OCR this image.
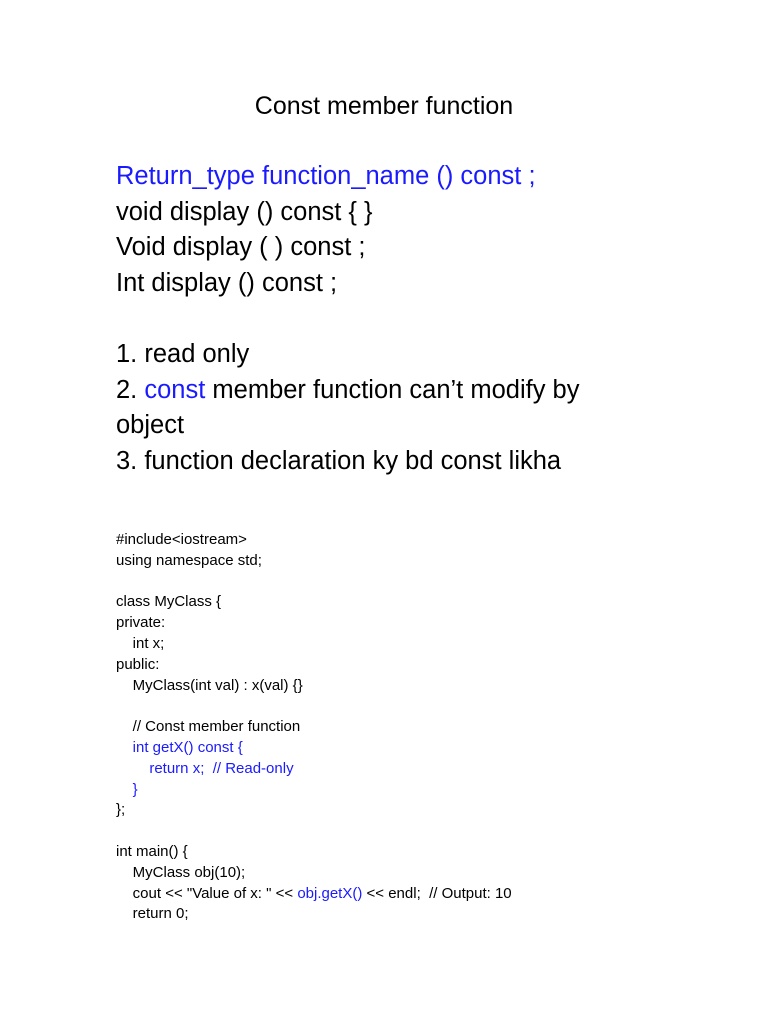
Const member function
Return_type function_name () const ;
void display () const { }
Void display ( ) const ;
Int display () const ;
1. read only
2. const member function can’t modify by
object
3. function declaration ky bd const likha
#include<iostream>
using namespace std;
class MyClass {
private:
int x;
public:
MyClass(int val) : x(val) {}
// Const member function
int getX() const {
return x;  // Read-only
}
};
int main() {
MyClass obj(10);
cout << "Value of x: " << obj.getX() << endl;  // Output: 10
return 0;
